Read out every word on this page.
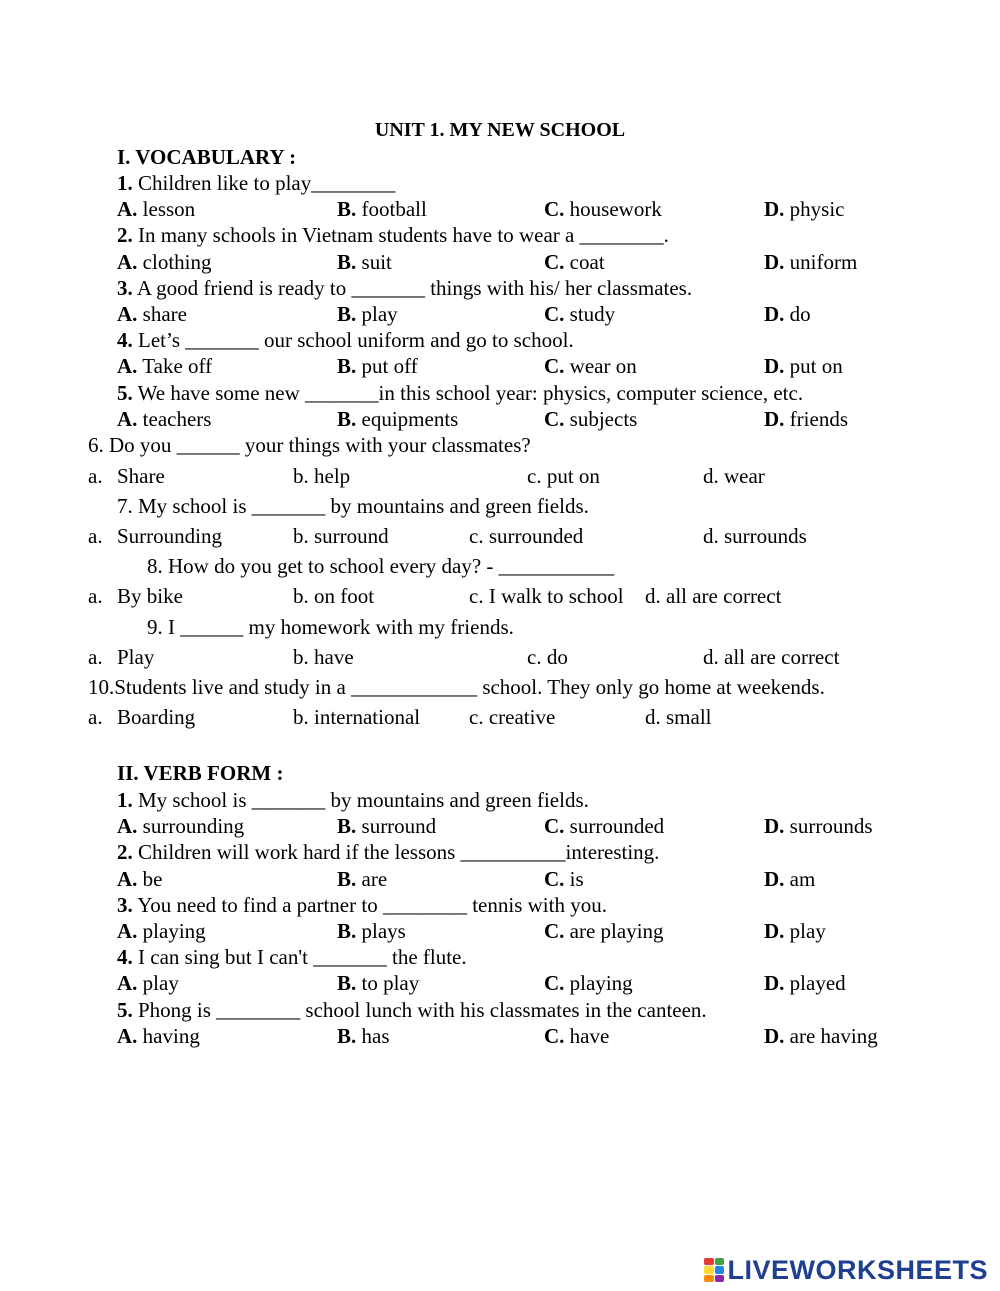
UNIT 1. MY NEW SCHOOL
I. VOCABULARY :
1. Children like to play________
A. lesson	B. football	C. housework	D. physic
2. In many schools in Vietnam students have to wear a ________.
A. clothing	B. suit	C. coat	D. uniform
3. A good friend is ready to _______ things with his/ her classmates.
A. share	B. play	C. study	D. do
4. Let’s _______ our school uniform and go to school.
A. Take off	B. put off	C. wear on	D. put on
5. We have some new _______in this school year: physics, computer science, etc.
A. teachers	B. equipments	C. subjects	D. friends
6. Do you ______ your things with your classmates?
a. Share	b. help	c. put on	d. wear
7. My school is _______ by mountains and green fields.
a. Surrounding	b. surround	c. surrounded	d. surrounds
8. How do you get to school every day? - ___________
a. By bike	b. on foot	c. I walk to school d. all are correct
9. I ______ my homework with my friends.
a. Play	b. have	c. do	d. all are correct
10.Students live and study in a ____________ school. They only go home at weekends.
a. Boarding	b. international c. creative	d. small
II. VERB FORM :
1. My school is _______ by mountains and green fields.
A. surrounding	B. surround	C. surrounded	D. surrounds
2. Children will work hard if the lessons __________interesting.
A. be	B. are	C. is	D. am
3. You need to find a partner to ________ tennis with you.
A. playing	B. plays	C. are playing	D. play
4. I can sing but I can't _______ the flute.
A. play	B. to play	C. playing	D. played
5. Phong is ________ school lunch with his classmates in the canteen.
A. having	B. has	C. have	D. are having
LIVEWORKSHEETS
